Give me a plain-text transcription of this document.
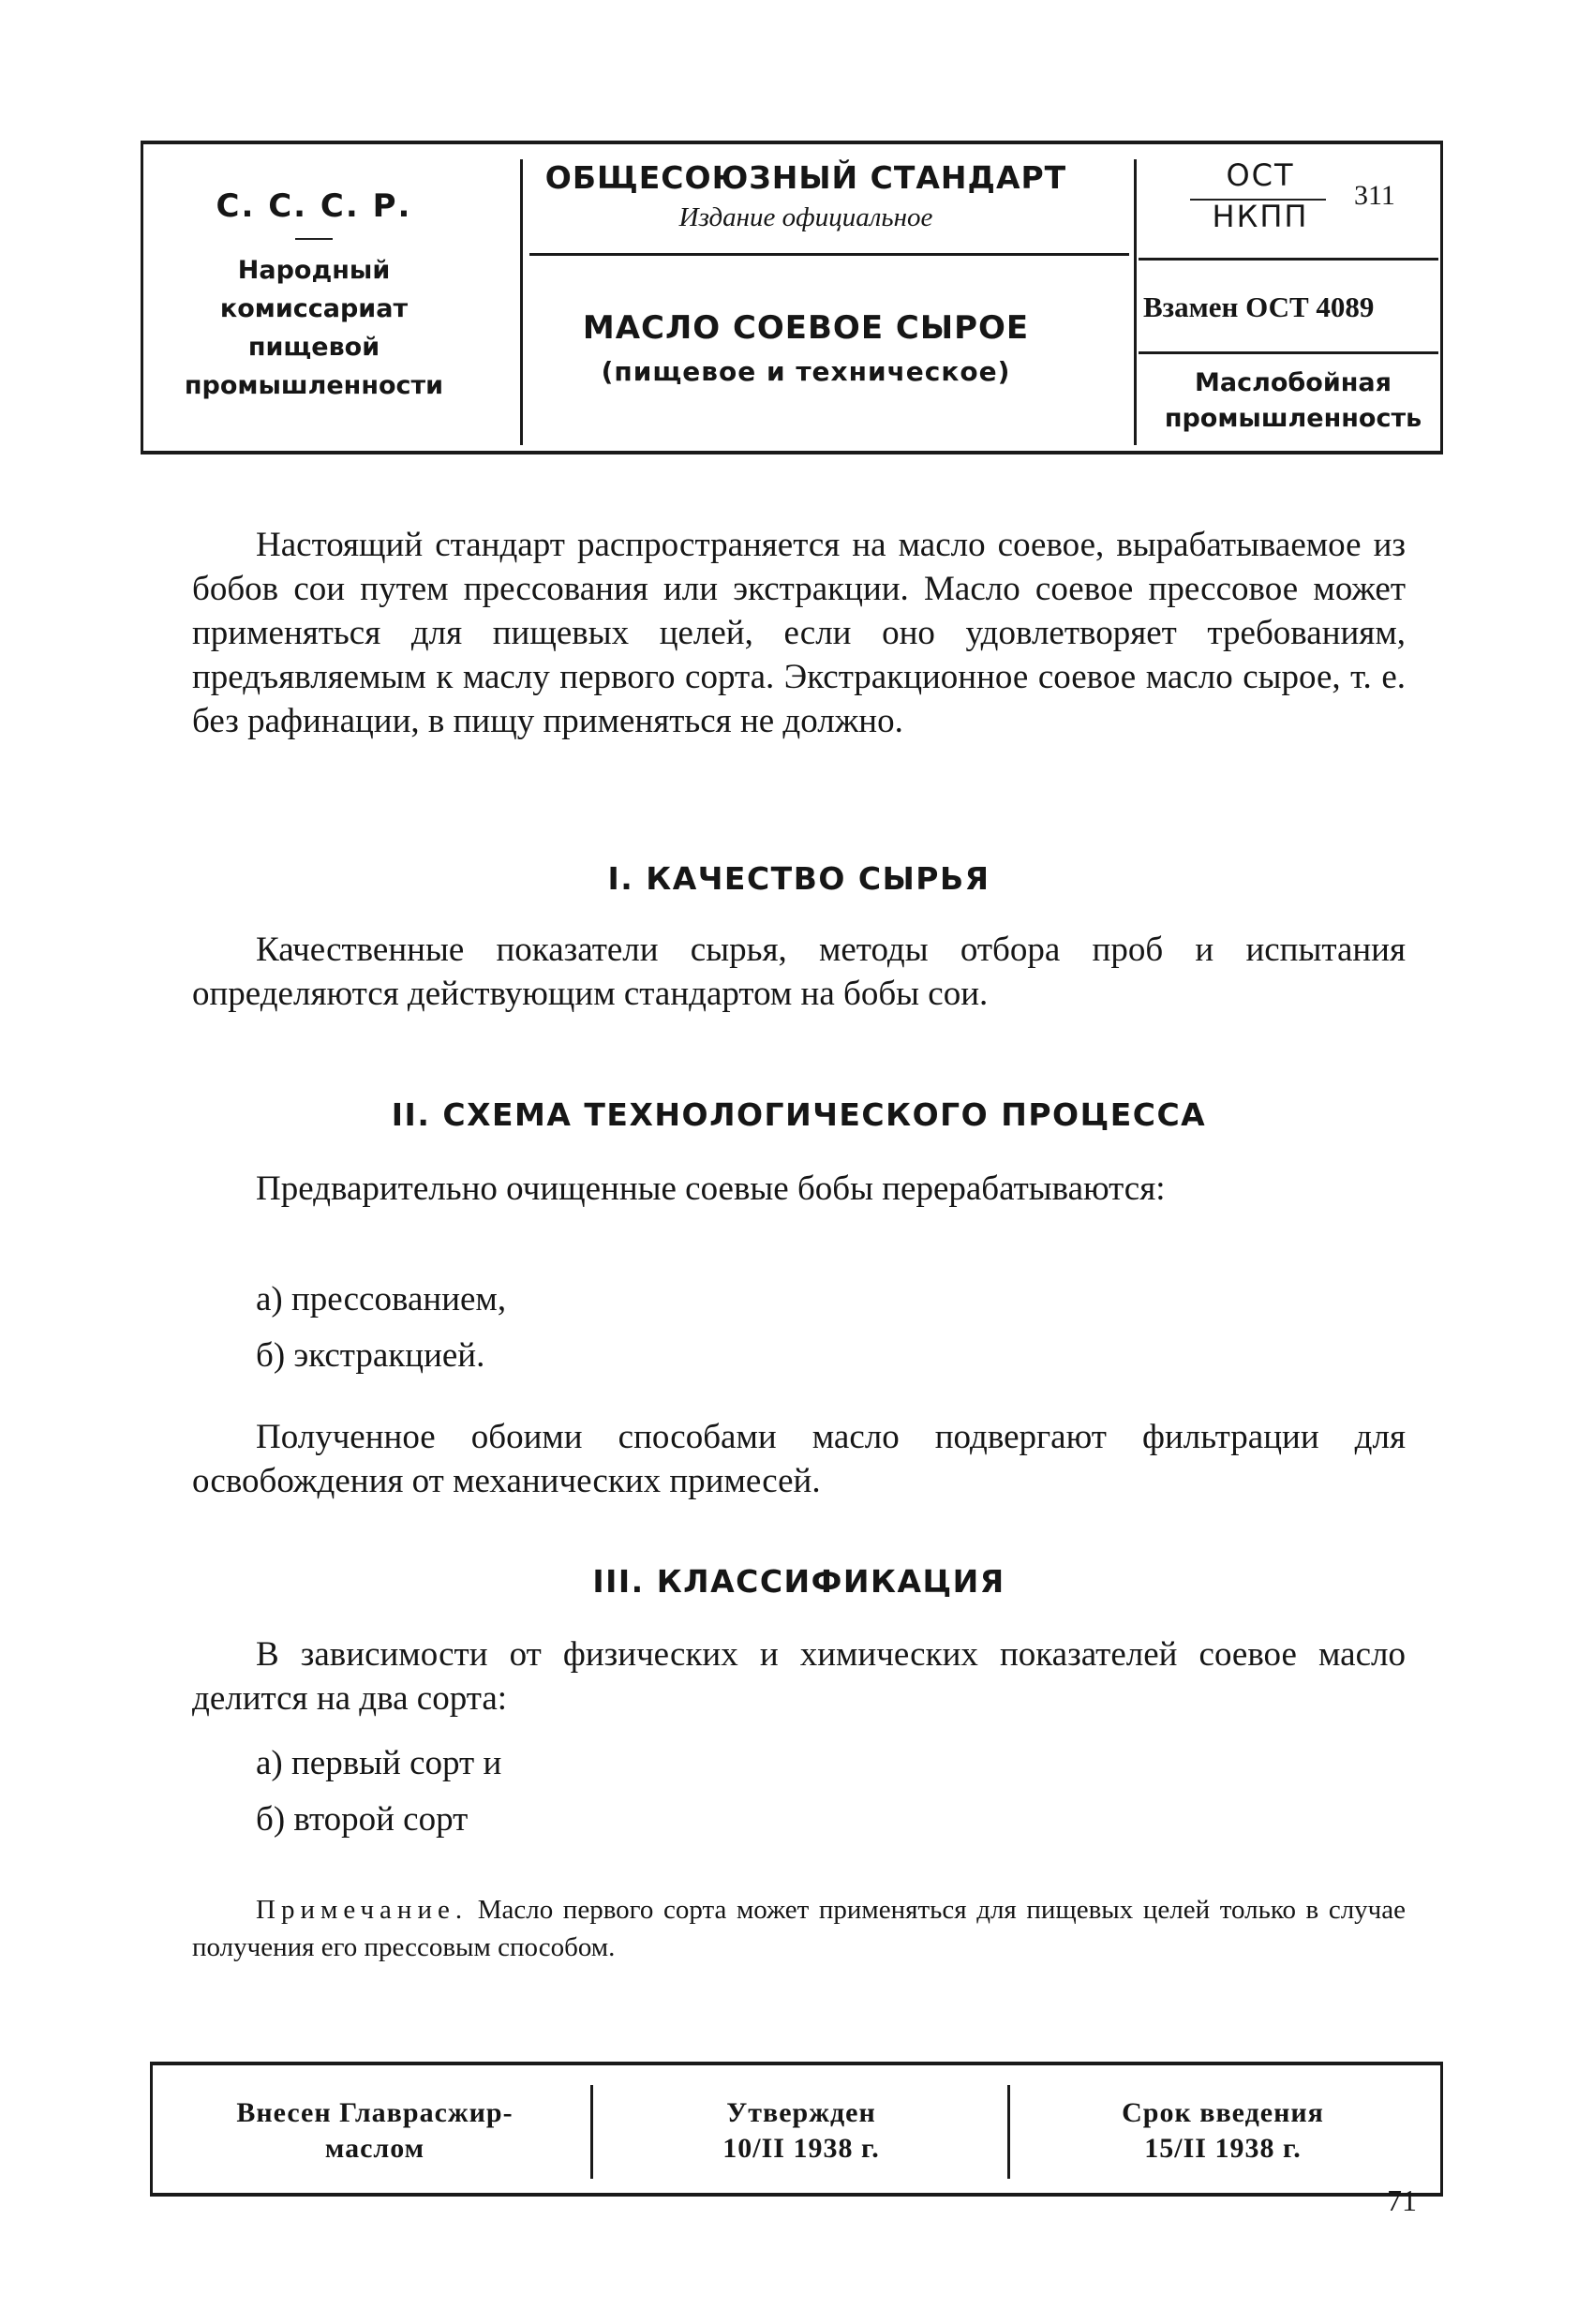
С. С. С. Р.
Народный
комиссариат
пищевой
промышленности
ОБЩЕСОЮЗНЫЙ СТАНДАРТ
Издание официальное
МАСЛО СОЕВОЕ СЫРОЕ
(пищевое и техническое)
ОСТ
НКПП
311
Взамен ОСТ 4089
Маслобойная
промышленность

Настоящий стандарт распространяется на масло соевое, вырабатываемое из бобов сои путем прессования или экстракции. Масло соевое прессовое может применяться для пищевых целей, если оно удовлетворяет требованиям, предъявляемым к маслу первого сорта. Экстракционное соевое масло сырое, т. е. без рафинации, в пищу применяться не должно.

I. КАЧЕСТВО СЫРЬЯ

Качественные показатели сырья, методы отбора проб и испытания определяются действующим стандартом на бобы сои.

II. СХЕМА ТЕХНОЛОГИЧЕСКОГО ПРОЦЕССА

Предварительно очищенные соевые бобы перерабатываются:

а) прессованием,
б) экстракцией.

Полученное обоими способами масло подвергают фильтрации для освобождения от механических примесей.

III. КЛАССИФИКАЦИЯ

В зависимости от физических и химических показателей соевое масло делится на два сорта:

а) первый сорт и
б) второй сорт
Примечание. Масло первого сорта может применяться для пищевых целей только в случае получения его прессовым способом.
Внесен Главрасжир-
маслом
Утвержден
10/II 1938 г.
Срок введения
15/II 1938 г.
71
